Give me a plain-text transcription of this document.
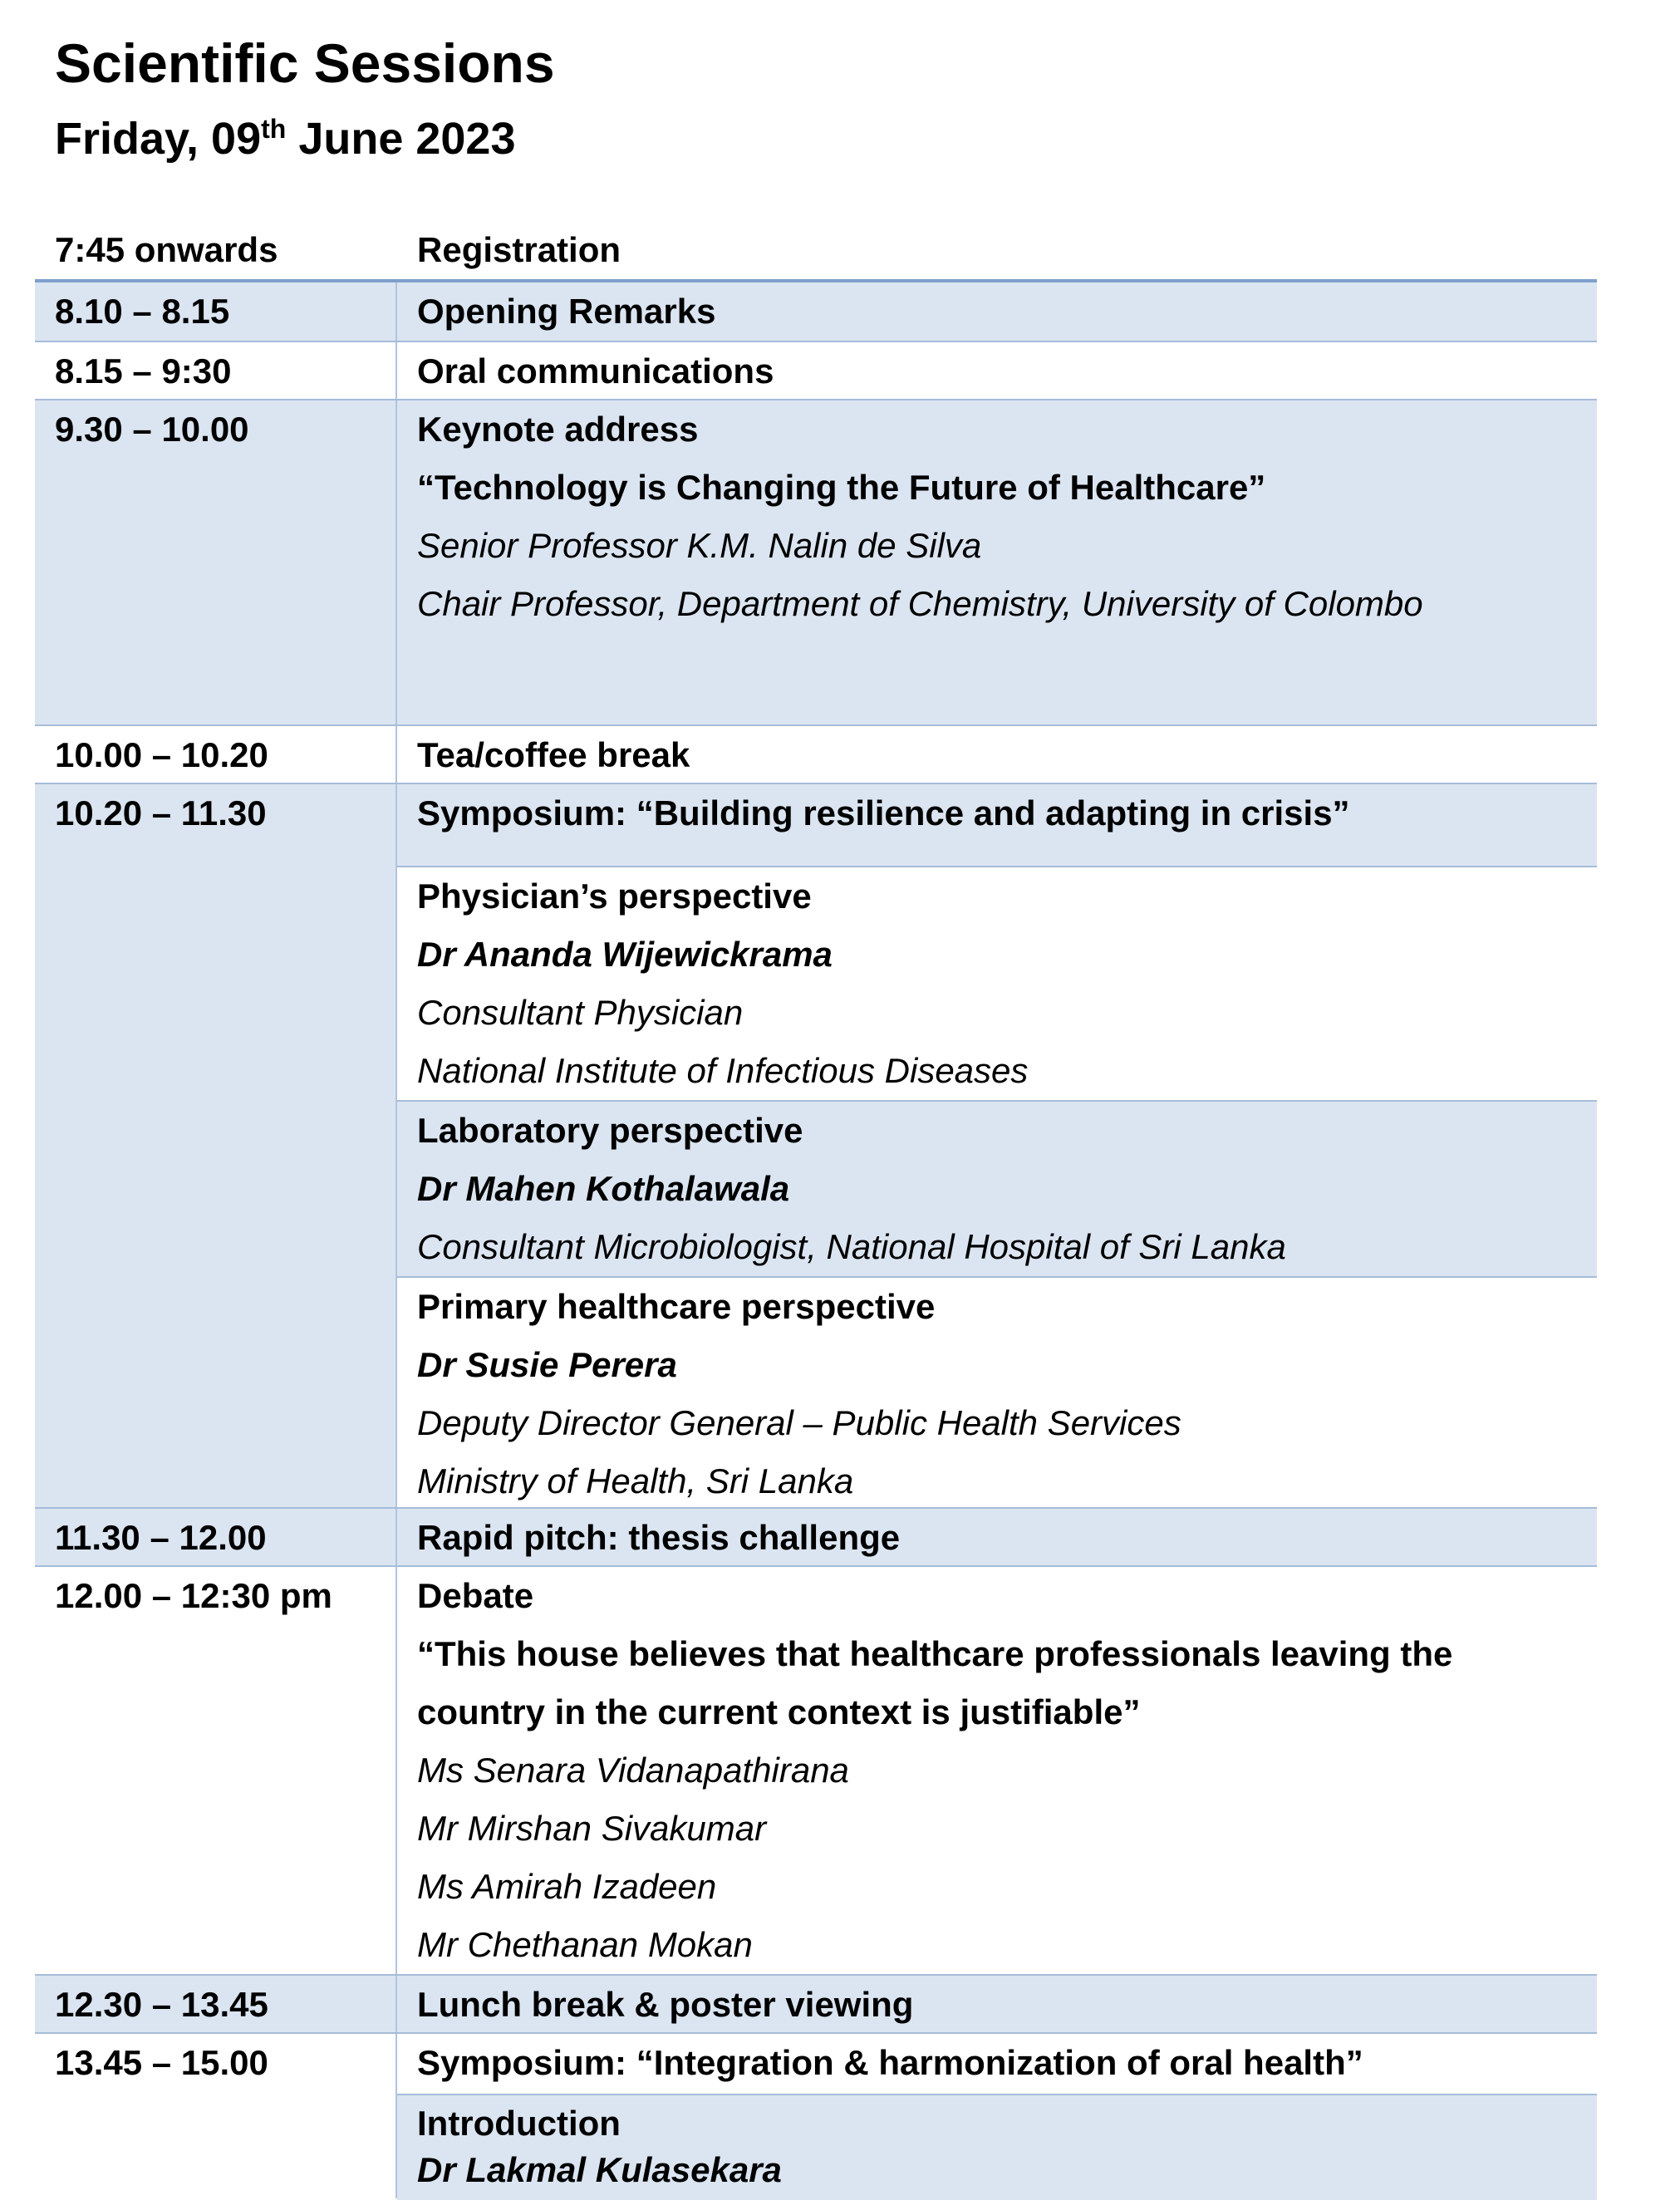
Scientific Sessions
Friday, 09th June 2023
7:45 onwards	Registration
8.10 – 8.15	Opening Remarks
8.15 – 9:30	Oral communications
9.30 – 10.00	Keynote address
“Technology is Changing the Future of Healthcare”
Senior Professor K.M. Nalin de Silva
Chair Professor, Department of Chemistry, University of Colombo
10.00 – 10.20	Tea/coffee break
10.20 – 11.30	Symposium: “Building resilience and adapting in crisis”
Physician’s perspective
Dr Ananda Wijewickrama
Consultant Physician
National Institute of Infectious Diseases
Laboratory perspective
Dr Mahen Kothalawala
Consultant Microbiologist, National Hospital of Sri Lanka
Primary healthcare perspective
Dr Susie Perera
Deputy Director General – Public Health Services
Ministry of Health, Sri Lanka
11.30 – 12.00	Rapid pitch: thesis challenge
12.00 – 12:30 pm	Debate
“This house believes that healthcare professionals leaving the
country in the current context is justifiable”
Ms Senara Vidanapathirana
Mr Mirshan Sivakumar
Ms Amirah Izadeen
Mr Chethanan Mokan
12.30 – 13.45	Lunch break & poster viewing
13.45 – 15.00	Symposium: “Integration & harmonization of oral health”
Introduction
Dr Lakmal Kulasekara
